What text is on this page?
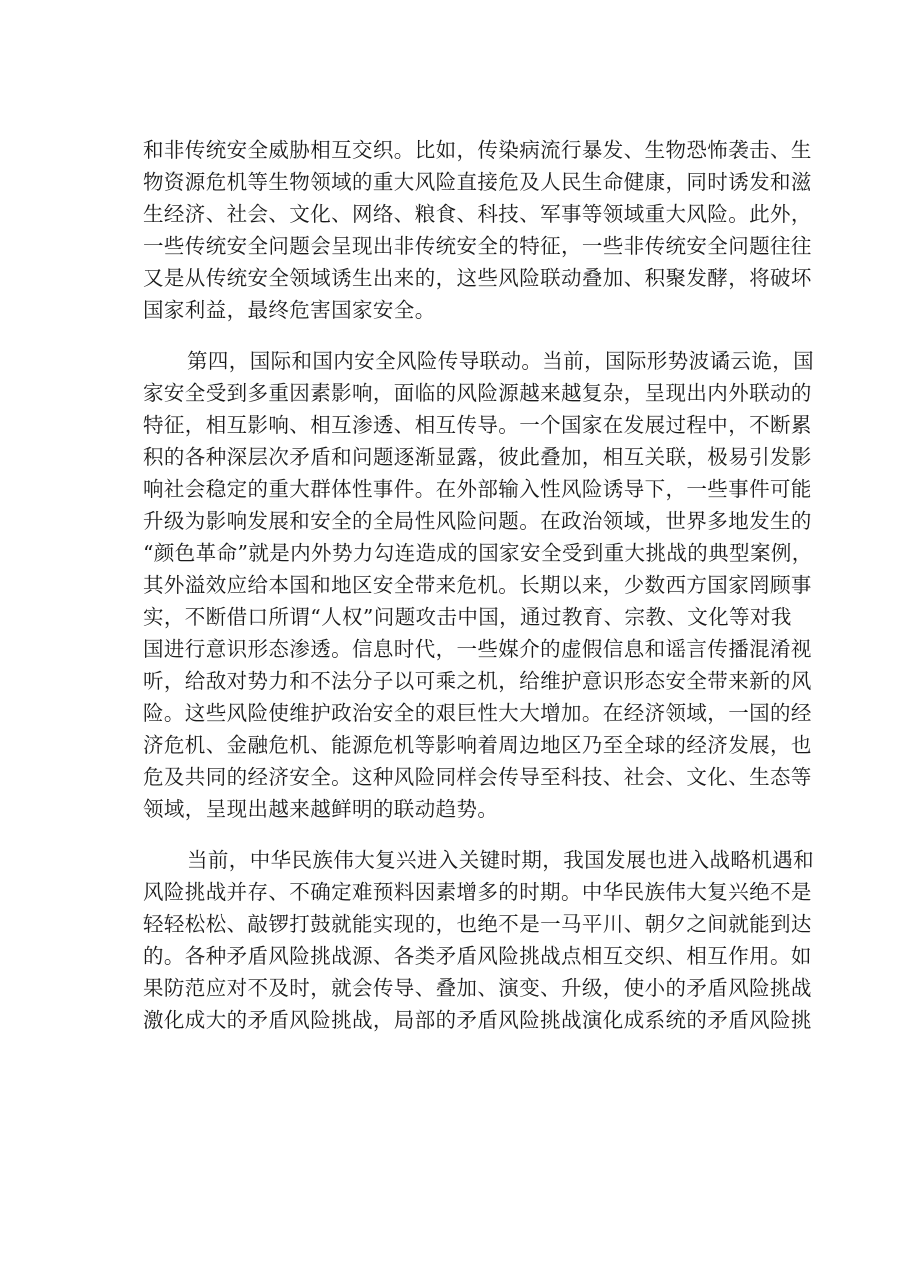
和非传统安全威胁相互交织。比如，传染病流行暴发、生物恐怖袭击、生
物资源危机等生物领域的重大风险直接危及人民生命健康，同时诱发和滋
生经济、社会、文化、网络、粮食、科技、军事等领域重大风险。此外，
一些传统安全问题会呈现出非传统安全的特征，一些非传统安全问题往往
又是从传统安全领域诱生出来的，这些风险联动叠加、积聚发酵，将破坏
国家利益，最终危害国家安全。
第四，国际和国内安全风险传导联动。当前，国际形势波谲云诡，国
家安全受到多重因素影响，面临的风险源越来越复杂，呈现出内外联动的
特征，相互影响、相互渗透、相互传导。一个国家在发展过程中，不断累
积的各种深层次矛盾和问题逐渐显露，彼此叠加，相互关联，极易引发影
响社会稳定的重大群体性事件。在外部输入性风险诱导下，一些事件可能
升级为影响发展和安全的全局性风险问题。在政治领域，世界多地发生的
“颜色革命”就是内外势力勾连造成的国家安全受到重大挑战的典型案例，
其外溢效应给本国和地区安全带来危机。长期以来，少数西方国家罔顾事
实，不断借口所谓“人权”问题攻击中国，通过教育、宗教、文化等对我
国进行意识形态渗透。信息时代，一些媒介的虚假信息和谣言传播混淆视
听，给敌对势力和不法分子以可乘之机，给维护意识形态安全带来新的风
险。这些风险使维护政治安全的艰巨性大大增加。在经济领域，一国的经
济危机、金融危机、能源危机等影响着周边地区乃至全球的经济发展，也
危及共同的经济安全。这种风险同样会传导至科技、社会、文化、生态等
领域，呈现出越来越鲜明的联动趋势。
当前，中华民族伟大复兴进入关键时期，我国发展也进入战略机遇和
风险挑战并存、不确定难预料因素增多的时期。中华民族伟大复兴绝不是
轻轻松松、敲锣打鼓就能实现的，也绝不是一马平川、朝夕之间就能到达
的。各种矛盾风险挑战源、各类矛盾风险挑战点相互交织、相互作用。如
果防范应对不及时，就会传导、叠加、演变、升级，使小的矛盾风险挑战
激化成大的矛盾风险挑战，局部的矛盾风险挑战演化成系统的矛盾风险挑
